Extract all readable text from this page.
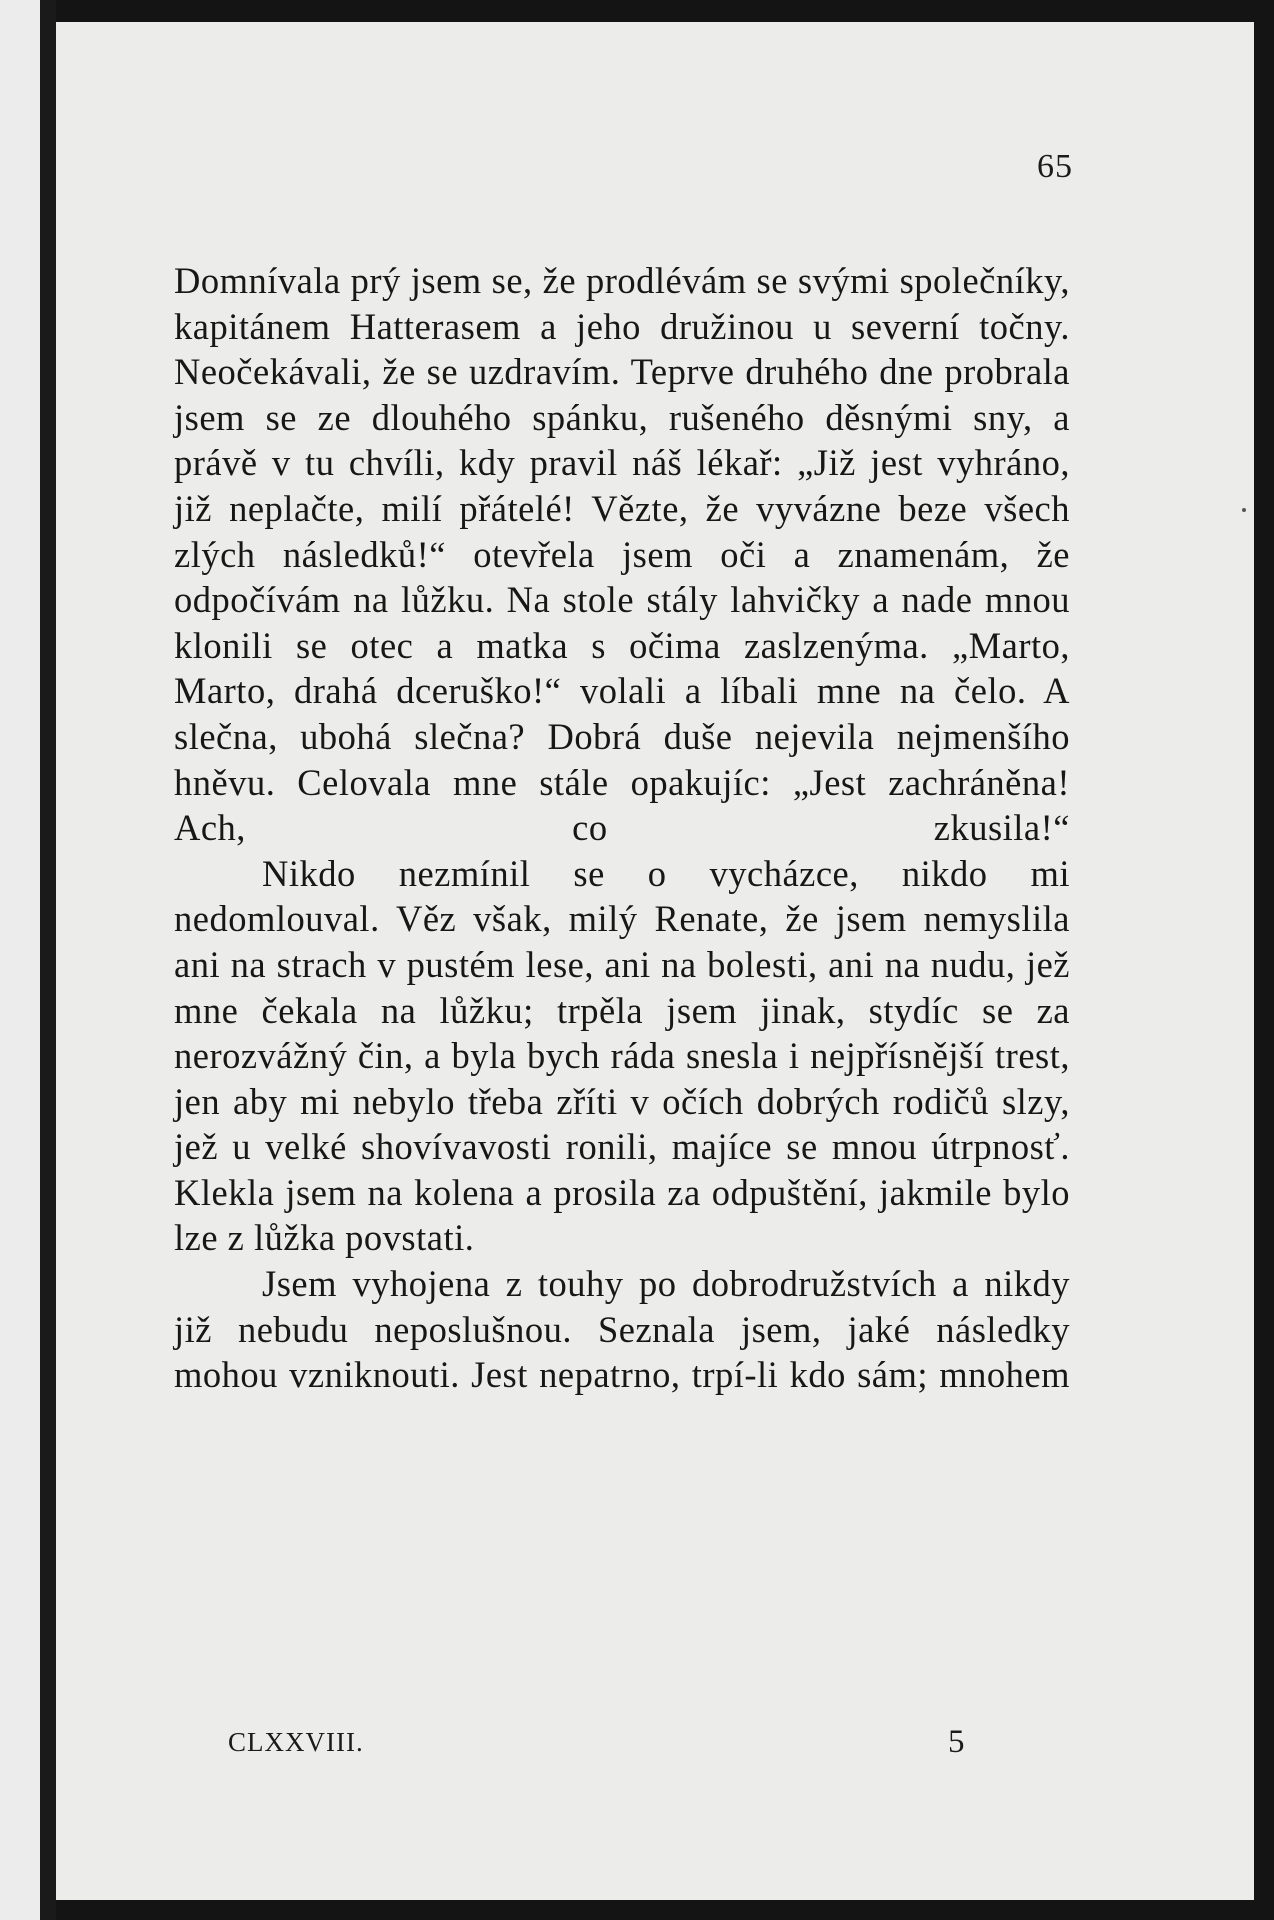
65

Domnívala prý jsem se, že prodlévám se svými společníky, kapitánem Hatterasem a jeho družinou u severní točny. Neočekávali, že se uzdravím. Teprve druhého dne probrala jsem se ze dlouhého spánku, rušeného děsnými sny, a právě v tu chvíli, kdy pravil náš lékař: „Již jest vyhráno, již neplačte, milí přátelé! Vězte, že vyvázne beze všech zlých následků!“ otevřela jsem oči a znamenám, že odpočívám na lůžku. Na stole stály lahvičky a nade mnou klonili se otec a matka s očima zaslzenýma. „Marto, Marto, drahá dceruško!“ volali a líbali mne na čelo. A slečna, ubohá slečna? Dobrá duše nejevila nejmenšího hněvu. Celovala mne stále opakujíc: „Jest zachráněna! Ach, co zkusila!“

Nikdo nezmínil se o vycházce, nikdo mi nedomlouval. Věz však, milý Renate, že jsem nemyslila ani na strach v pustém lese, ani na bolesti, ani na nudu, jež mne čekala na lůžku; trpěla jsem jinak, stydíc se za nerozvážný čin, a byla bych ráda snesla i nejpřísnější trest, jen aby mi nebylo třeba zříti v očích dobrých rodičů slzy, jež u velké shovívavosti ronili, majíce se mnou útrpnosť. Klekla jsem na kolena a prosila za odpuštění, jakmile bylo lze z lůžka povstati.

Jsem vyhojena z touhy po dobrodružstvích a nikdy již nebudu neposlušnou. Seznala jsem, jaké následky mohou vzniknouti. Jest nepatrno, trpí-li kdo sám; mnohem

CLXXVIII.	5
